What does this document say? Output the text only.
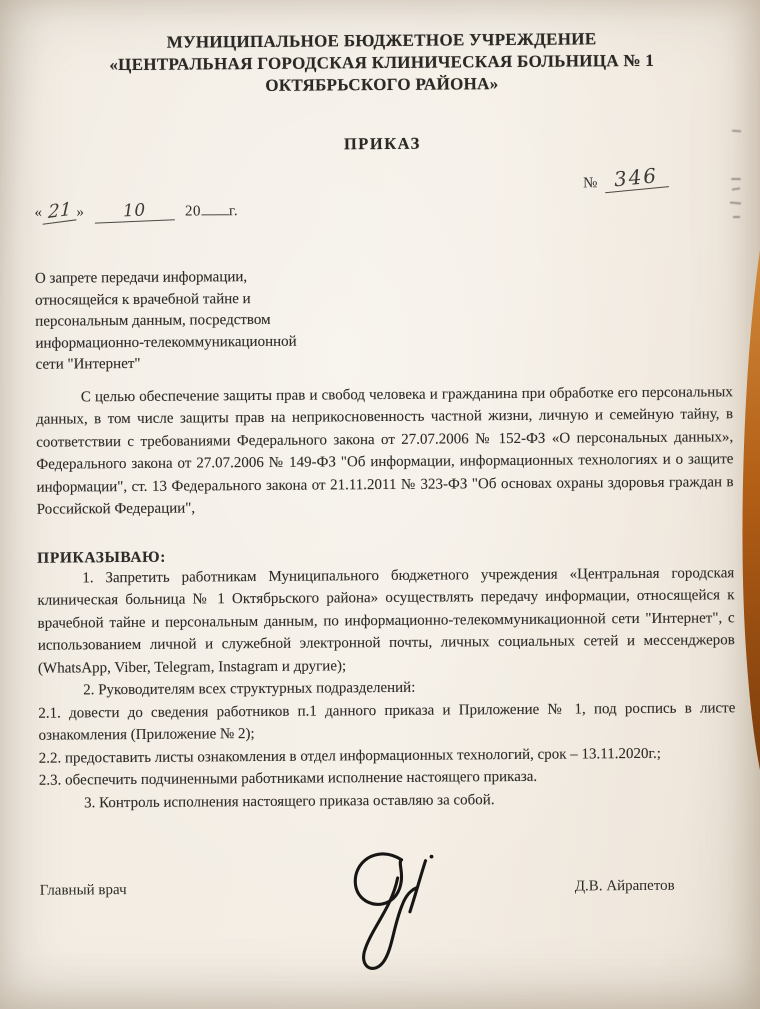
МУНИЦИПАЛЬНОЕ БЮДЖЕТНОЕ УЧРЕЖДЕНИЕ
«ЦЕНТРАЛЬНАЯ ГОРОДСКАЯ КЛИНИЧЕСКАЯ БОЛЬНИЦА № 1
ОКТЯБРЬСКОГО РАЙОНА»
ПРИКАЗ
№ 346
« 21 » 10	20 г.
О запрете передачи информации,
относящейся к врачебной тайне и
персональным данным, посредством
информационно-телекоммуникационной
сети "Интернет"

С целью обеспечение защиты прав и свобод человека и гражданина при обработке его персональных данных, в том числе защиты прав на неприкосновенность частной жизни, личную и семейную тайну, в соответствии с требованиями Федерального закона от 27.07.2006 № 152-ФЗ «О персональных данных», Федерального закона от 27.07.2006 № 149-ФЗ "Об информации, информационных технологиях и о защите информации", ст. 13 Федерального закона от 21.11.2011 № 323-ФЗ "Об основах охраны здоровья граждан в Российской Федерации",

ПРИКАЗЫВАЮ:

1. Запретить работникам Муниципального бюджетного учреждения «Центральная городская клиническая больница № 1 Октябрьского района» осуществлять передачу информации, относящейся к врачебной тайне и персональным данным, по информационно-телекоммуникационной сети "Интернет", с использованием личной и служебной электронной почты, личных социальных сетей и мессенджеров (WhatsApp, Viber, Telegram, Instagram и другие);

2. Руководителям всех структурных подразделений:

2.1. довести до сведения работников п.1 данного приказа и Приложение № 1, под роспись в листе ознакомления (Приложение № 2);

2.2. предоставить листы ознакомления в отдел информационных технологий, срок – 13.11.2020г.;

2.3. обеспечить подчиненными работниками исполнение настоящего приказа.

3. Контроль исполнения настоящего приказа оставляю за собой.

Главный врач	Д.В. Айрапетов
